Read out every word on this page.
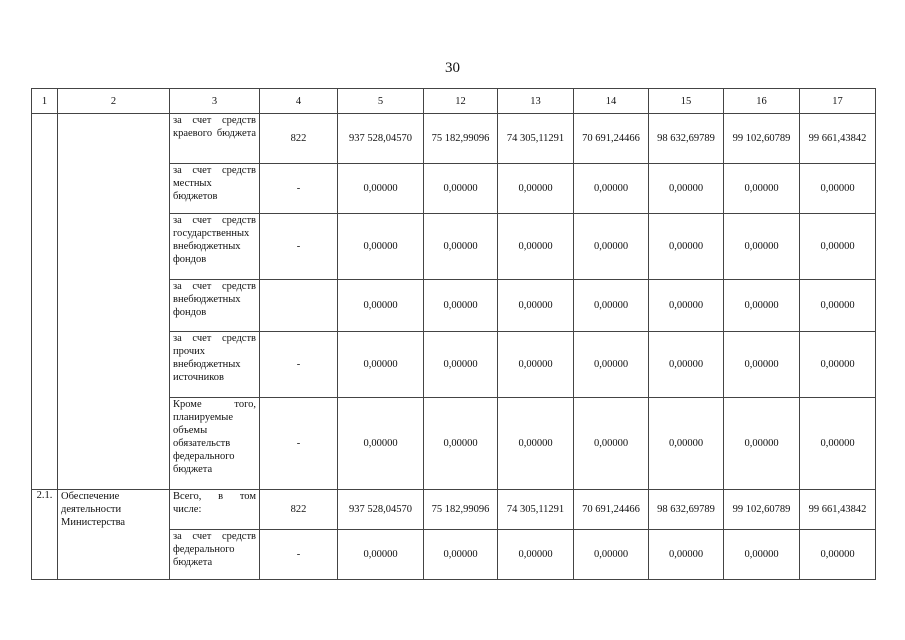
30
1	2	3	4	5	12	13	14	15	16	17
		за счет средств краевого бюджета	822	937 528,04570	75 182,99096	74 305,11291	70 691,24466	98 632,69789	99 102,60789	99 661,43842
		за счет средств местных бюджетов	-	0,00000	0,00000	0,00000	0,00000	0,00000	0,00000	0,00000
		за счет средств государственных внебюджетных фондов	-	0,00000	0,00000	0,00000	0,00000	0,00000	0,00000	0,00000
		за счет средств внебюджетных фондов		0,00000	0,00000	0,00000	0,00000	0,00000	0,00000	0,00000
		за счет средств прочих внебюджетных источников	-	0,00000	0,00000	0,00000	0,00000	0,00000	0,00000	0,00000
		Кроме того, планируемые объемы обязательств федерального бюджета	-	0,00000	0,00000	0,00000	0,00000	0,00000	0,00000	0,00000
2.1.	Обеспечение деятельности Министерства	Всего, в том числе:	822	937 528,04570	75 182,99096	74 305,11291	70 691,24466	98 632,69789	99 102,60789	99 661,43842
		за счет средств федерального бюджета	-	0,00000	0,00000	0,00000	0,00000	0,00000	0,00000	0,00000
